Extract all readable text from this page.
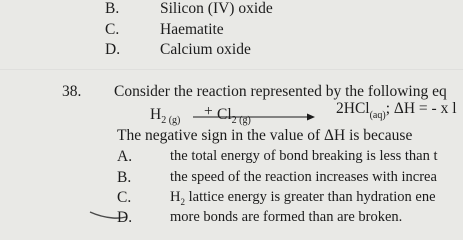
B.	Silicon (IV) oxide
C.	Haematite
D.	Calcium oxide
38. Consider the reaction represented by the following eq
$H_{2 (g)}$
+ $Cl_{2 (g)}$
2HCl$_{(aq)}$; ΔH = - x l
The negative sign in the value of ΔH is because
A.	the total energy of bond breaking is less than t
B.	the speed of the reaction increases with increa
C.	$H_2$ lattice energy is greater than hydration ene
D.	more bonds are formed than are broken.
